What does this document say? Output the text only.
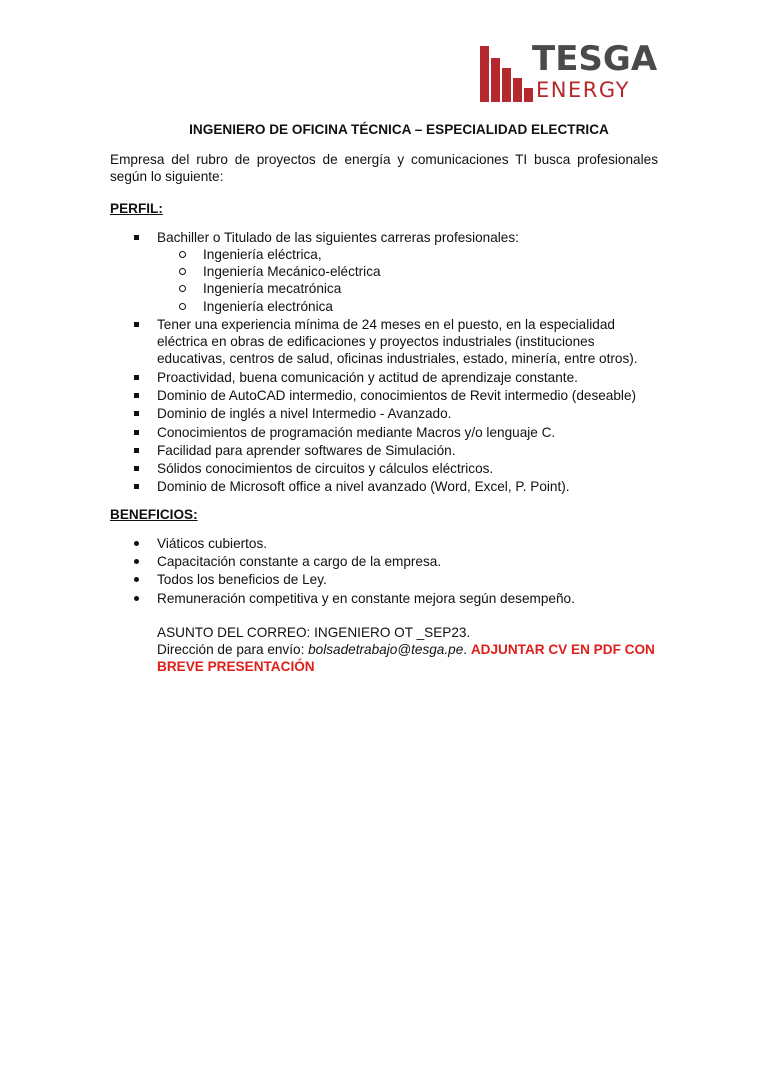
TESGA
ENERGY
INGENIERO DE OFICINA TÉCNICA – ESPECIALIDAD ELECTRICA

Empresa del rubro de proyectos de energía y comunicaciones TI busca profesionales según lo siguiente:

PERFIL:
Bachiller o Titulado de las siguientes carreras profesionales:
Ingeniería eléctrica,
Ingeniería Mecánico-eléctrica
Ingeniería mecatrónica
Ingeniería electrónica
Tener una experiencia mínima de 24 meses en el puesto, en la especialidad eléctrica en obras de edificaciones y proyectos industriales (instituciones educativas, centros de salud, oficinas industriales, estado, minería, entre otros).
Proactividad, buena comunicación y actitud de aprendizaje constante.
Dominio de AutoCAD intermedio, conocimientos de Revit intermedio (deseable)
Dominio de inglés a nivel Intermedio - Avanzado.
Conocimientos de programación mediante Macros y/o lenguaje C.
Facilidad para aprender softwares de Simulación.
Sólidos conocimientos de circuitos y cálculos eléctricos.
Dominio de Microsoft office a nivel avanzado (Word, Excel, P. Point).
BENEFICIOS:
Viáticos cubiertos.
Capacitación constante a cargo de la empresa.
Todos los beneficios de Ley.
Remuneración competitiva y en constante mejora según desempeño.

ASUNTO DEL CORREO: INGENIERO OT _SEP23.

Dirección de para envío: bolsadetrabajo@tesga.pe. ADJUNTAR CV EN PDF CON BREVE PRESENTACIÓN
